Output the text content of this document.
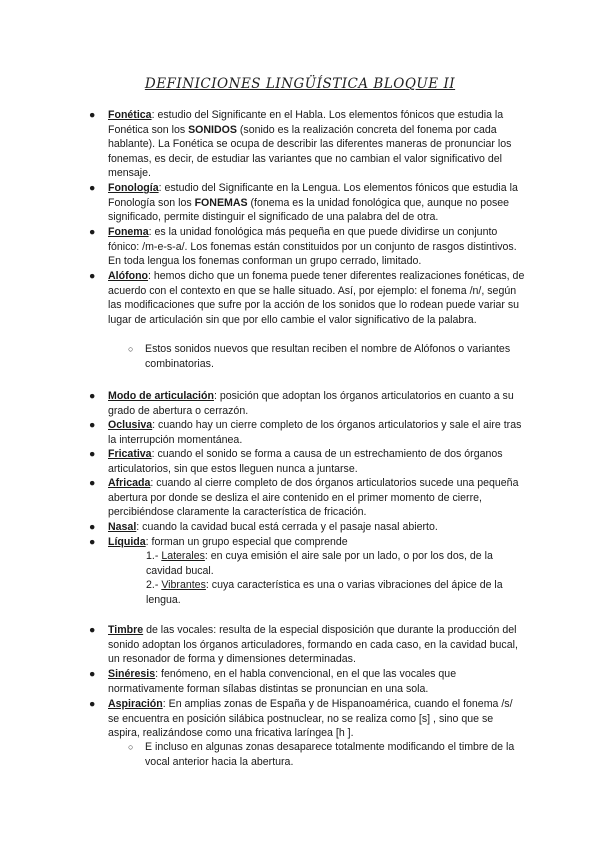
DEFINICIONES LINGÜÍSTICA BLOQUE II
● Fonética: estudio del Significante en el Habla. Los elementos fónicos que estudia la Fonética son los SONIDOS (sonido es la realización concreta del fonema por cada hablante). La Fonética se ocupa de describir las diferentes maneras de pronunciar los fonemas, es decir, de estudiar las variantes que no cambian el valor significativo del mensaje.
● Fonología: estudio del Significante en la Lengua. Los elementos fónicos que estudia la Fonología son los FONEMAS (fonema es la unidad fonológica que, aunque no posee significado, permite distinguir el significado de una palabra del de otra.
● Fonema: es la unidad fonológica más pequeña en que puede dividirse un conjunto fónico: /m-e-s-a/. Los fonemas están constituidos por un conjunto de rasgos distintivos. En toda lengua los fonemas conforman un grupo cerrado, limitado.
● Alófono: hemos dicho que un fonema puede tener diferentes realizaciones fonéticas, de acuerdo con el contexto en que se halle situado. Así, por ejemplo: el fonema /n/, según las modificaciones que sufre por la acción de los sonidos que lo rodean puede variar su lugar de articulación sin que por ello cambie el valor significativo de la palabra.
○ Estos sonidos nuevos que resultan reciben el nombre de Alófonos o variantes combinatorias.
● Modo de articulación: posición que adoptan los órganos articulatorios en cuanto a su grado de abertura o cerrazón.
● Oclusiva: cuando hay un cierre completo de los órganos articulatorios y sale el aire tras la interrupción momentánea.
● Fricativa: cuando el sonido se forma a causa de un estrechamiento de dos órganos articulatorios, sin que estos lleguen nunca a juntarse.
● Africada: cuando al cierre completo de dos órganos articulatorios sucede una pequeña abertura por donde se desliza el aire contenido en el primer momento de cierre, percibiéndose claramente la característica de fricación.
● Nasal: cuando la cavidad bucal está cerrada y el pasaje nasal abierto.
● Líquida: forman un grupo especial que comprende
1.- Laterales: en cuya emisión el aire sale por un lado, o por los dos, de la cavidad bucal.
2.- Vibrantes: cuya característica es una o varias vibraciones del ápice de la lengua.
● Timbre de las vocales: resulta de la especial disposición que durante la producción del sonido adoptan los órganos articuladores, formando en cada caso, en la cavidad bucal, un resonador de forma y dimensiones determinadas.
● Sinéresis: fenómeno, en el habla convencional, en el que las vocales que normativamente forman sílabas distintas se pronuncian en una sola.
● Aspiración: En amplias zonas de España y de Hispanoamérica, cuando el fonema /s/ se encuentra en posición silábica postnuclear, no se realiza como [s] , sino que se aspira, realizándose como una fricativa laríngea [h ].
○ E incluso en algunas zonas desaparece totalmente modificando el timbre de la vocal anterior hacia la abertura.
